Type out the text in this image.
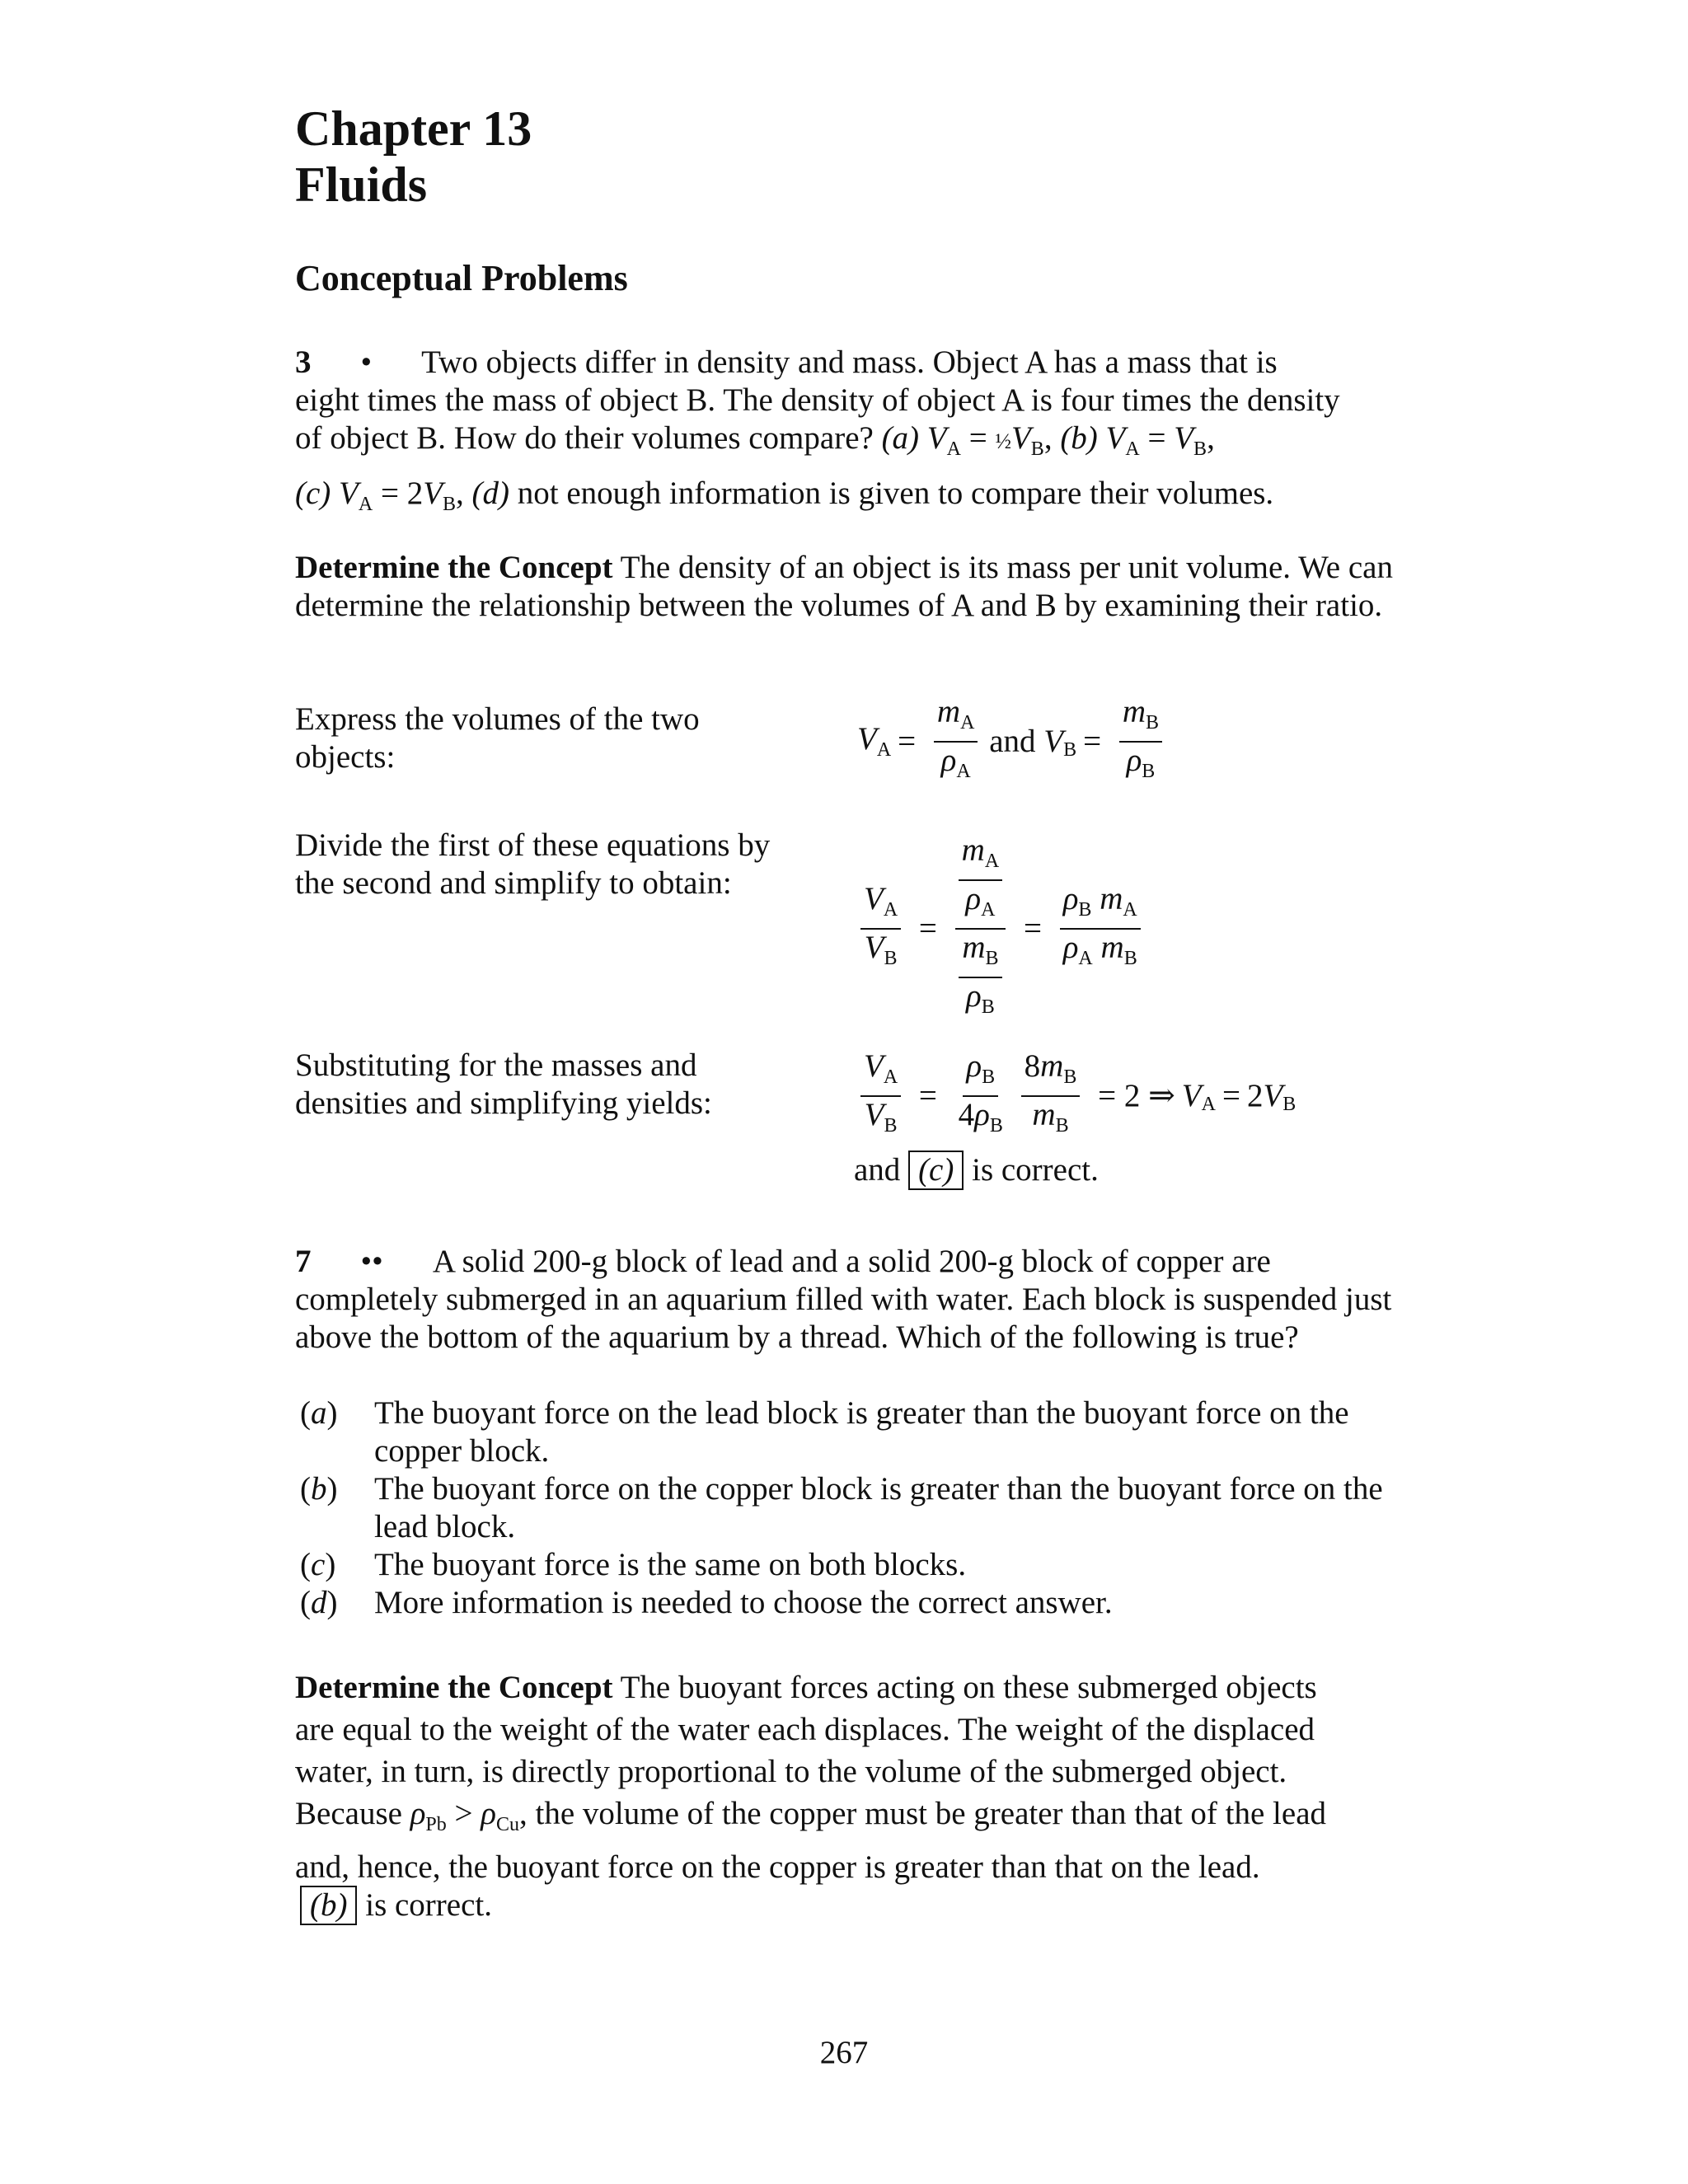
Chapter 13
Fluids
Conceptual Problems
3 • Two objects differ in density and mass. Object A has a mass that is
eight times the mass of object B. The density of object A is four times the density
of object B. How do their volumes compare? (a) $V_A$ = $\frac{1}{2}V_B$, (b) $V_A = V_B$,
(c) $V_A = 2V_B$, (d) not enough information is given to compare their volumes.
Determine the Concept The density of an object is its mass per unit volume. We can determine the relationship between the volumes of A and B by examining their ratio.
Express the volumes of the two objects:
$V_A = \frac{m_A}{\rho_A}$ and $V_B = \frac{m_B}{\rho_B}$
Divide the first of these equations by the second and simplify to obtain:	$\frac{V_A}{V_B} = \frac{\frac{m_A}{\rho_A}}{\frac{m_B}{\rho_B}} = \frac{\rho_B m_A}{\rho_A m_B}$
Substituting for the masses and densities and simplifying yields:	$\frac{V_A}{V_B} = \frac{\rho_B}{4\rho_B}$
$\frac{8m_B}{m_B} = 2$ ⇒ $V_A = 2V_B$
and (c) is correct.
7 •• A solid 200-g block of lead and a solid 200-g block of copper are completely submerged in an aquarium filled with water. Each block is suspended just above the bottom of the aquarium by a thread. Which of the following is true?
(a) The buoyant force on the lead block is greater than the buoyant force on the copper block.
(b) The buoyant force on the copper block is greater than the buoyant force on the lead block.
(c) The buoyant force is the same on both blocks.
(d) More information is needed to choose the correct answer.
Determine the Concept The buoyant forces acting on these submerged objects
are equal to the weight of the water each displaces. The weight of the displaced
water, in turn, is directly proportional to the volume of the submerged object.
Because $\rho_{Pb} > \rho_{Cu}$, the volume of the copper must be greater than that of the lead
and, hence, the buoyant force on the copper is greater than that on the lead.
(b) is correct.
267
